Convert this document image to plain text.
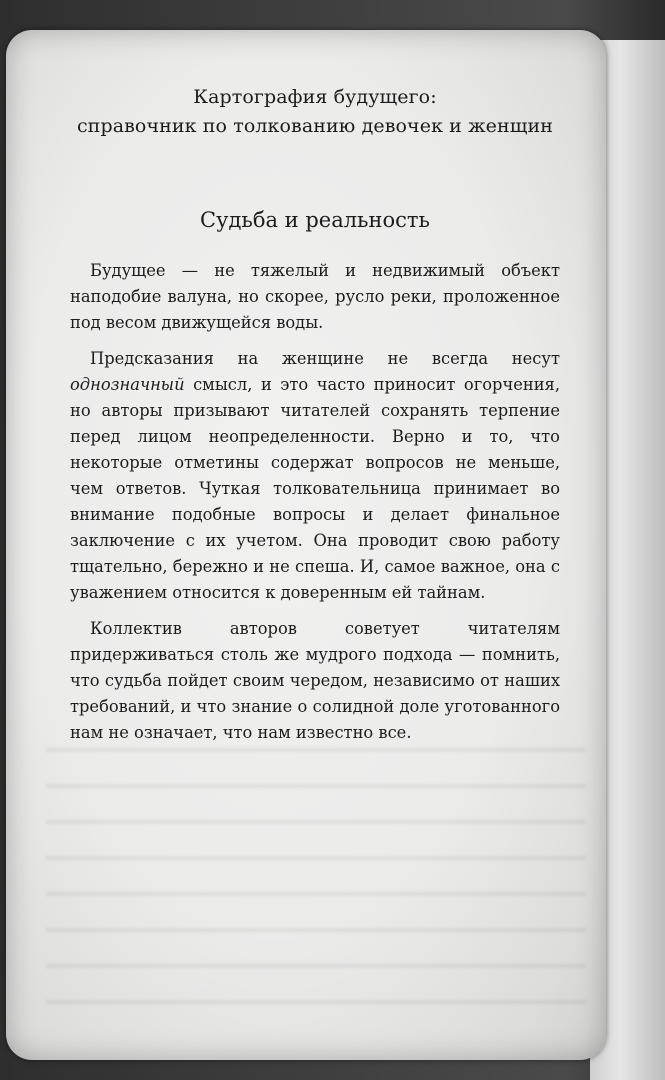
Картография будущего:
справочник по толкованию девочек и женщин
Судьба и реальность

Будущее — не тяжелый и недвижимый объект наподобие валуна, но скорее, русло реки, проложенное под весом движущейся воды.

Предсказания на женщине не всегда несут однозначный смысл, и это часто приносит огорчения, но авторы призывают читателей сохранять терпение перед лицом неопределенности. Верно и то, что некоторые отметины содержат вопросов не меньше, чем ответов. Чуткая толковательница принимает во внимание подобные вопросы и делает финальное заключение с их учетом. Она проводит свою работу тщательно, бережно и не спеша. И, самое важное, она с уважением относится к доверенным ей тайнам.

Коллектив авторов советует читателям придерживаться столь же мудрого подхода — помнить, что судьба пойдет своим чередом, независимо от наших требований, и что знание о солидной доле уготованного нам не означает, что нам известно все.
